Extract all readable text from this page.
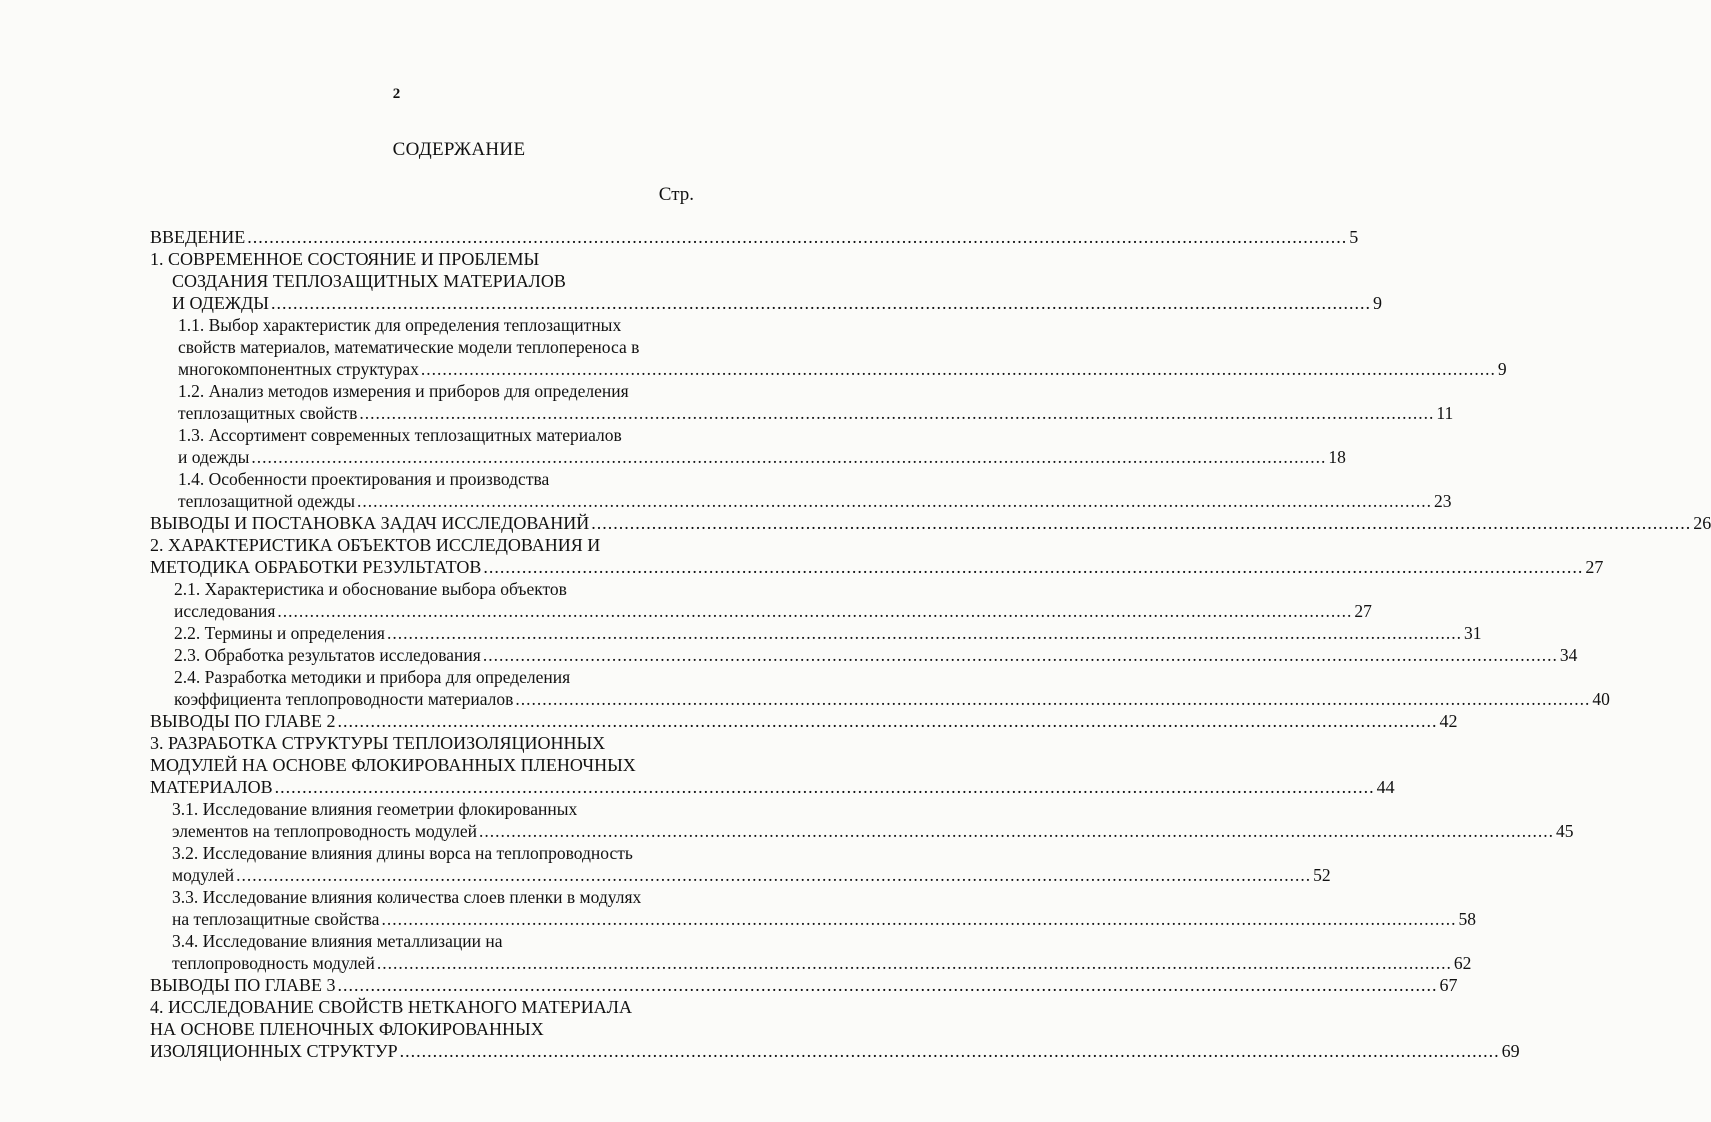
2
СОДЕРЖАНИЕ
Стр.
ВВЕДЕНИЕ ........................................................................................................................................................................................................ 5
1. СОВРЕМЕННОЕ СОСТОЯНИЕ И ПРОБЛЕМЫ
СОЗДАНИЯ ТЕПЛОЗАЩИТНЫХ МАТЕРИАЛОВ
И ОДЕЖДЫ ........................................................................................................................................................................................................ 9
1.1. Выбор характеристик для определения теплозащитных
свойств материалов, математические модели теплопереноса в
многокомпонентных структурах ........................................................................................................................................................................................................ 9
1.2. Анализ методов измерения и приборов для определения
теплозащитных свойств ........................................................................................................................................................................................................ 11
1.3. Ассортимент современных теплозащитных материалов
и одежды ........................................................................................................................................................................................................ 18
1.4. Особенности проектирования и производства
теплозащитной одежды ........................................................................................................................................................................................................ 23
ВЫВОДЫ И ПОСТАНОВКА ЗАДАЧ ИССЛЕДОВАНИЙ ........................................................................................................................................................................................................ 26
2. ХАРАКТЕРИСТИКА ОБЪЕКТОВ ИССЛЕДОВАНИЯ И
МЕТОДИКА ОБРАБОТКИ РЕЗУЛЬТАТОВ ........................................................................................................................................................................................................ 27
2.1. Характеристика и обоснование выбора объектов
исследования ........................................................................................................................................................................................................ 27
2.2. Термины и определения ........................................................................................................................................................................................................ 31
2.3. Обработка результатов исследования ........................................................................................................................................................................................................ 34
2.4. Разработка методики и прибора для определения
коэффициента теплопроводности материалов ........................................................................................................................................................................................................ 40
ВЫВОДЫ ПО ГЛАВЕ 2 ........................................................................................................................................................................................................ 42
3. РАЗРАБОТКА СТРУКТУРЫ ТЕПЛОИЗОЛЯЦИОННЫХ
МОДУЛЕЙ НА ОСНОВЕ ФЛОКИРОВАННЫХ ПЛЕНОЧНЫХ
МАТЕРИАЛОВ ........................................................................................................................................................................................................ 44
3.1. Исследование влияния геометрии флокированных
элементов на теплопроводность модулей ........................................................................................................................................................................................................ 45
3.2. Исследование влияния длины ворса на теплопроводность
модулей ........................................................................................................................................................................................................ 52
3.3. Исследование влияния количества слоев пленки в модулях
на теплозащитные свойства ........................................................................................................................................................................................................ 58
3.4. Исследование влияния металлизации на
теплопроводность модулей ........................................................................................................................................................................................................ 62
ВЫВОДЫ ПО ГЛАВЕ 3 ........................................................................................................................................................................................................ 67
4. ИССЛЕДОВАНИЕ СВОЙСТВ НЕТКАНОГО МАТЕРИАЛА
НА ОСНОВЕ ПЛЕНОЧНЫХ ФЛОКИРОВАННЫХ
ИЗОЛЯЦИОННЫХ СТРУКТУР ........................................................................................................................................................................................................ 69
